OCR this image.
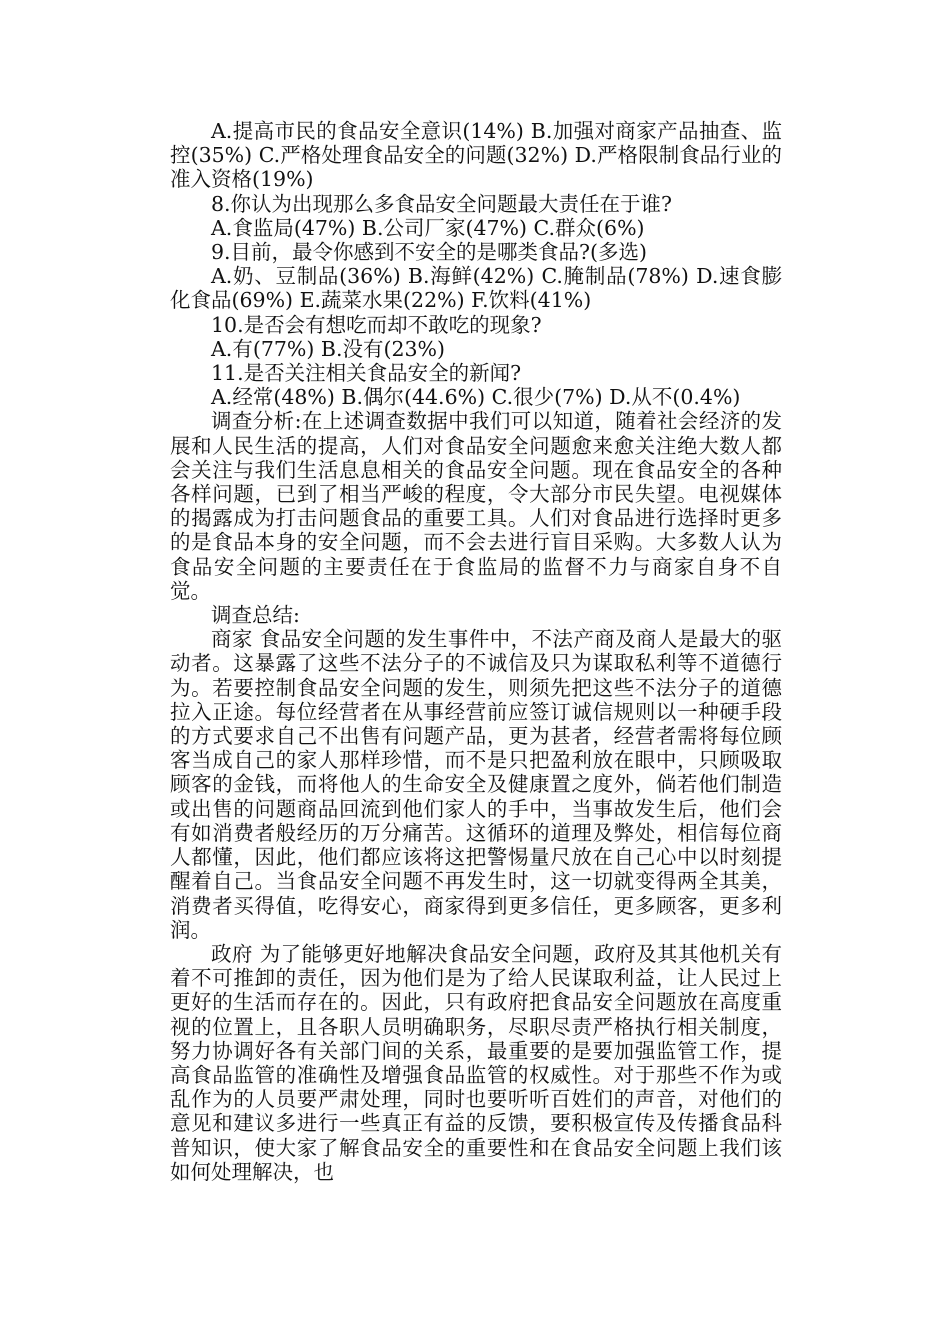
A.提高市民的食品安全意识(14%) B.加强对商家产品抽查、监控(35%) C.严格处理食品安全的问题(32%) D.严格限制食品行业的准入资格(19%)

8.你认为出现那么多食品安全问题最大责任在于谁?

A.食监局(47%) B.公司厂家(47%) C.群众(6%)

9.目前，最令你感到不安全的是哪类食品?(多选)

A.奶、豆制品(36%) B.海鲜(42%) C.腌制品(78%) D.速食膨化食品(69%) E.蔬菜水果(22%) F.饮料(41%)

10.是否会有想吃而却不敢吃的现象?

A.有(77%) B.没有(23%)

11.是否关注相关食品安全的新闻?

A.经常(48%) B.偶尔(44.6%) C.很少(7%) D.从不(0.4%)

调查分析:在上述调查数据中我们可以知道，随着社会经济的发展和人民生活的提高，人们对食品安全问题愈来愈关注绝大数人都会关注与我们生活息息相关的食品安全问题。现在食品安全的各种各样问题，已到了相当严峻的程度，令大部分市民失望。电视媒体的揭露成为打击问题食品的重要工具。人们对食品进行选择时更多的是食品本身的安全问题，而不会去进行盲目采购。大多数人认为食品安全问题的主要责任在于食监局的监督不力与商家自身不自觉。

调查总结:

商家 食品安全问题的发生事件中，不法产商及商人是最大的驱动者。这暴露了这些不法分子的不诚信及只为谋取私利等不道德行为。若要控制食品安全问题的发生，则须先把这些不法分子的道德拉入正途。每位经营者在从事经营前应签订诚信规则以一种硬手段的方式要求自己不出售有问题产品，更为甚者，经营者需将每位顾客当成自己的家人那样珍惜，而不是只把盈利放在眼中，只顾吸取顾客的金钱，而将他人的生命安全及健康置之度外，倘若他们制造或出售的问题商品回流到他们家人的手中，当事故发生后，他们会有如消费者般经历的万分痛苦。这循环的道理及弊处，相信每位商人都懂，因此，他们都应该将这把警惕量尺放在自己心中以时刻提醒着自己。当食品安全问题不再发生时，这一切就变得两全其美，消费者买得值，吃得安心，商家得到更多信任，更多顾客，更多利润。

政府 为了能够更好地解决食品安全问题，政府及其其他机关有着不可推卸的责任，因为他们是为了给人民谋取利益，让人民过上更好的生活而存在的。因此，只有政府把食品安全问题放在高度重视的位置上，且各职人员明确职务，尽职尽责严格执行相关制度，努力协调好各有关部门间的关系，最重要的是要加强监管工作，提高食品监管的准确性及增强食品监管的权威性。对于那些不作为或乱作为的人员要严肃处理，同时也要听听百姓们的声音，对他们的意见和建议多进行一些真正有益的反馈，要积极宣传及传播食品科普知识，使大家了解食品安全的重要性和在食品安全问题上我们该如何处理解决，也
